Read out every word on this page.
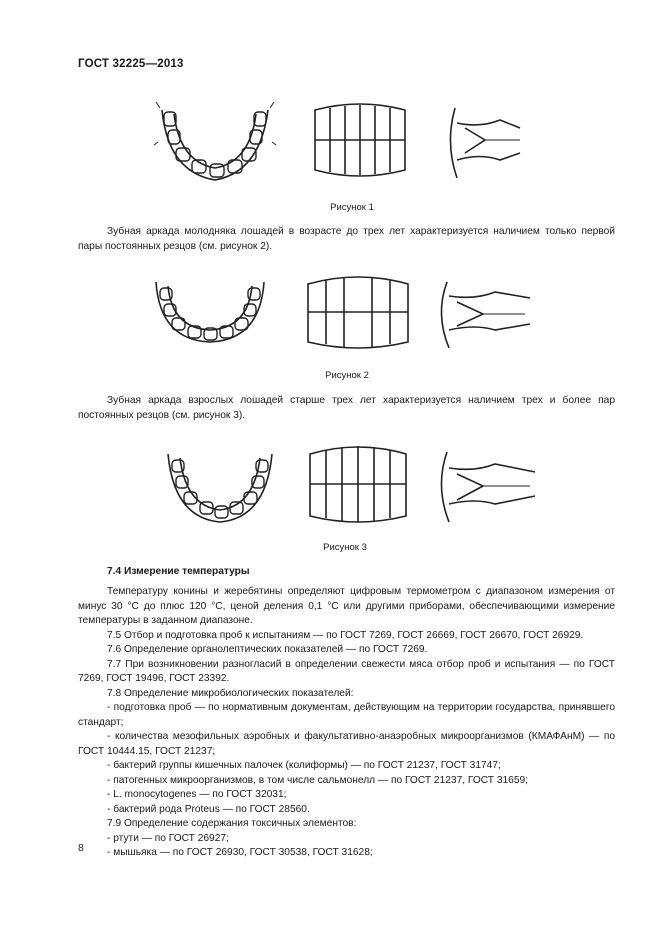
ГОСТ 32225—2013
Рисунок 1

Зубная аркада молодняка лошадей в возрасте до трех лет характеризуется наличием только первой пары постоянных резцов (см. рисунок 2).

Рисунок 2

Зубная аркада взрослых лошадей старше трех лет характеризуется наличием трех и более пар постоянных резцов (см. рисунок 3).

Рисунок 3
7.4 Измерение температуры

Температуру конины и жеребятины определяют цифровым термометром с диапазоном измерения от минус 30 °С до плюс 120 °С, ценой деления 0,1 °С или другими приборами, обеспечивающими измерение температуры в заданном диапазоне.

7.5 Отбор и подготовка проб к испытаниям — по ГОСТ 7269, ГОСТ 26669, ГОСТ 26670, ГОСТ 26929.

7.6 Определение органолептических показателей — по ГОСТ 7269.

7.7 При возникновении разногласий в определении свежести мяса отбор проб и испытания — по ГОСТ 7269, ГОСТ 19496, ГОСТ 23392.

7.8 Определение микробиологических показателей:

- подготовка проб — по нормативным документам, действующим на территории государства, принявшего стандарт;

- количества мезофильных аэробных и факультативно-анаэробных микроорганизмов (КМАФАнМ) — по ГОСТ 10444.15, ГОСТ 21237;

- бактерий группы кишечных палочек (колиформы) — по ГОСТ 21237, ГОСТ 31747;

- патогенных микроорганизмов, в том числе сальмонелл — по ГОСТ 21237, ГОСТ 31659;

- L. monocytogenes — по ГОСТ 32031;

- бактерий рода Proteus — по ГОСТ 28560.

7.9 Определение содержания токсичных элементов:

- ртути — по ГОСТ 26927;

- мышьяка — по ГОСТ 26930, ГОСТ 30538, ГОСТ 31628;

8
